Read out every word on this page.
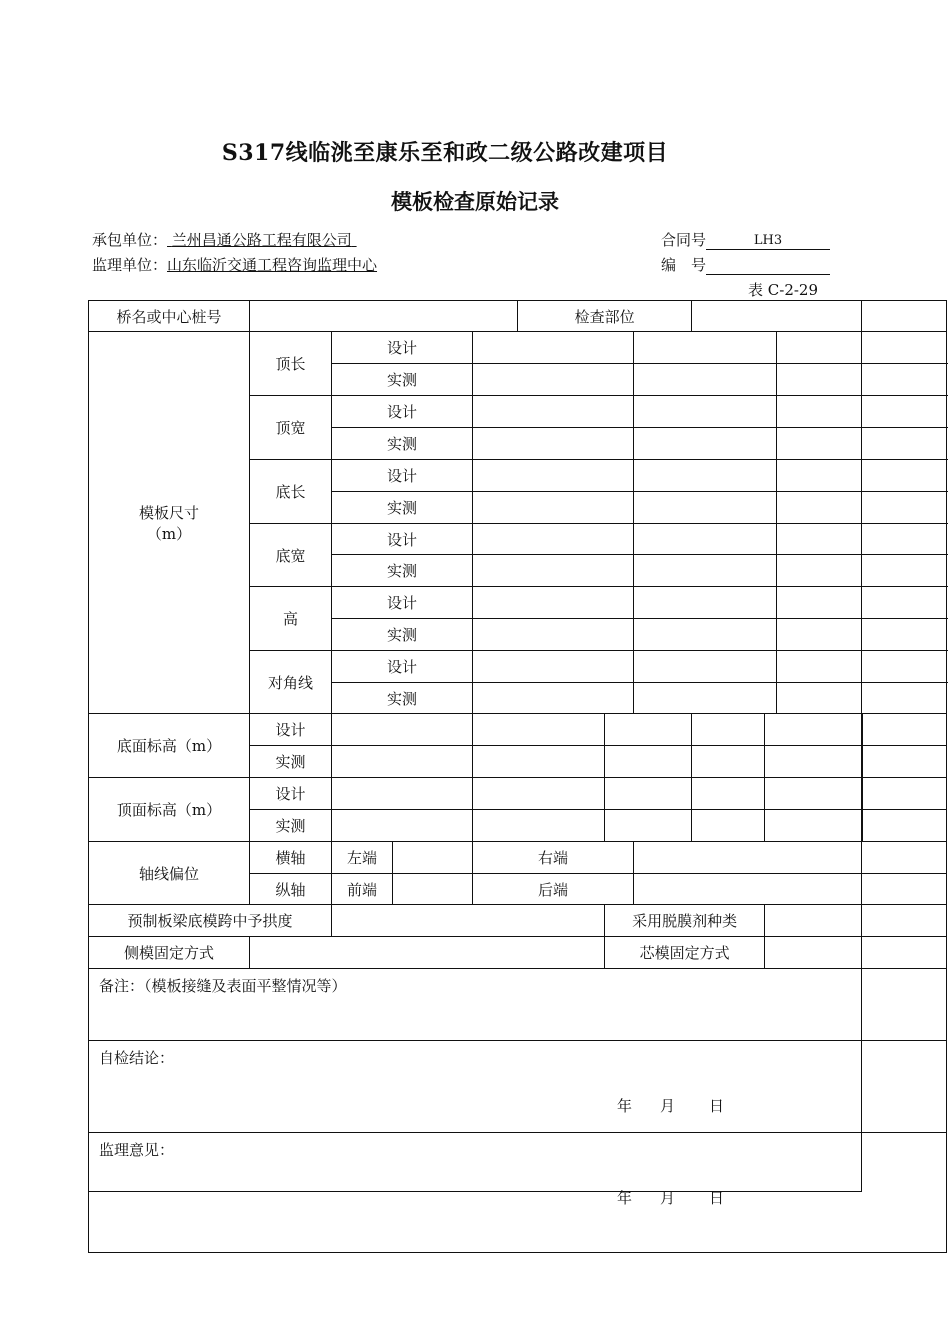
S317线临洮至康乐至和政二级公路改建项目
模板检查原始记录
承包单位： 兰州昌通公路工程有限公司
监理单位：山东临沂交通工程咨询监理中心
合同号	LH3
编　号
表 C-2-29
桥名或中心桩号					检查部位						
模板尺寸
（m）	顶长	设计									
		实测									
	顶宽	设计									
		实测									
	底长	设计									
		实测									
	底宽	设计									
		实测									
	高	设计									
		实测									
	对角线	设计									
		实测									
底面标高（m）	设计										
	实测										
顶面标高（m）	设计										
	实测										
轴线偏位	横轴	左端		右端							
	纵轴	前端		后端							
预制板梁底模跨中予拱度						采用脱膜剂种类					
侧模固定方式						芯模固定方式					
备注：（模板接缝及表面平整情况等）											
自检结论：
年 月 日											

监理意见：
年 月 日											
